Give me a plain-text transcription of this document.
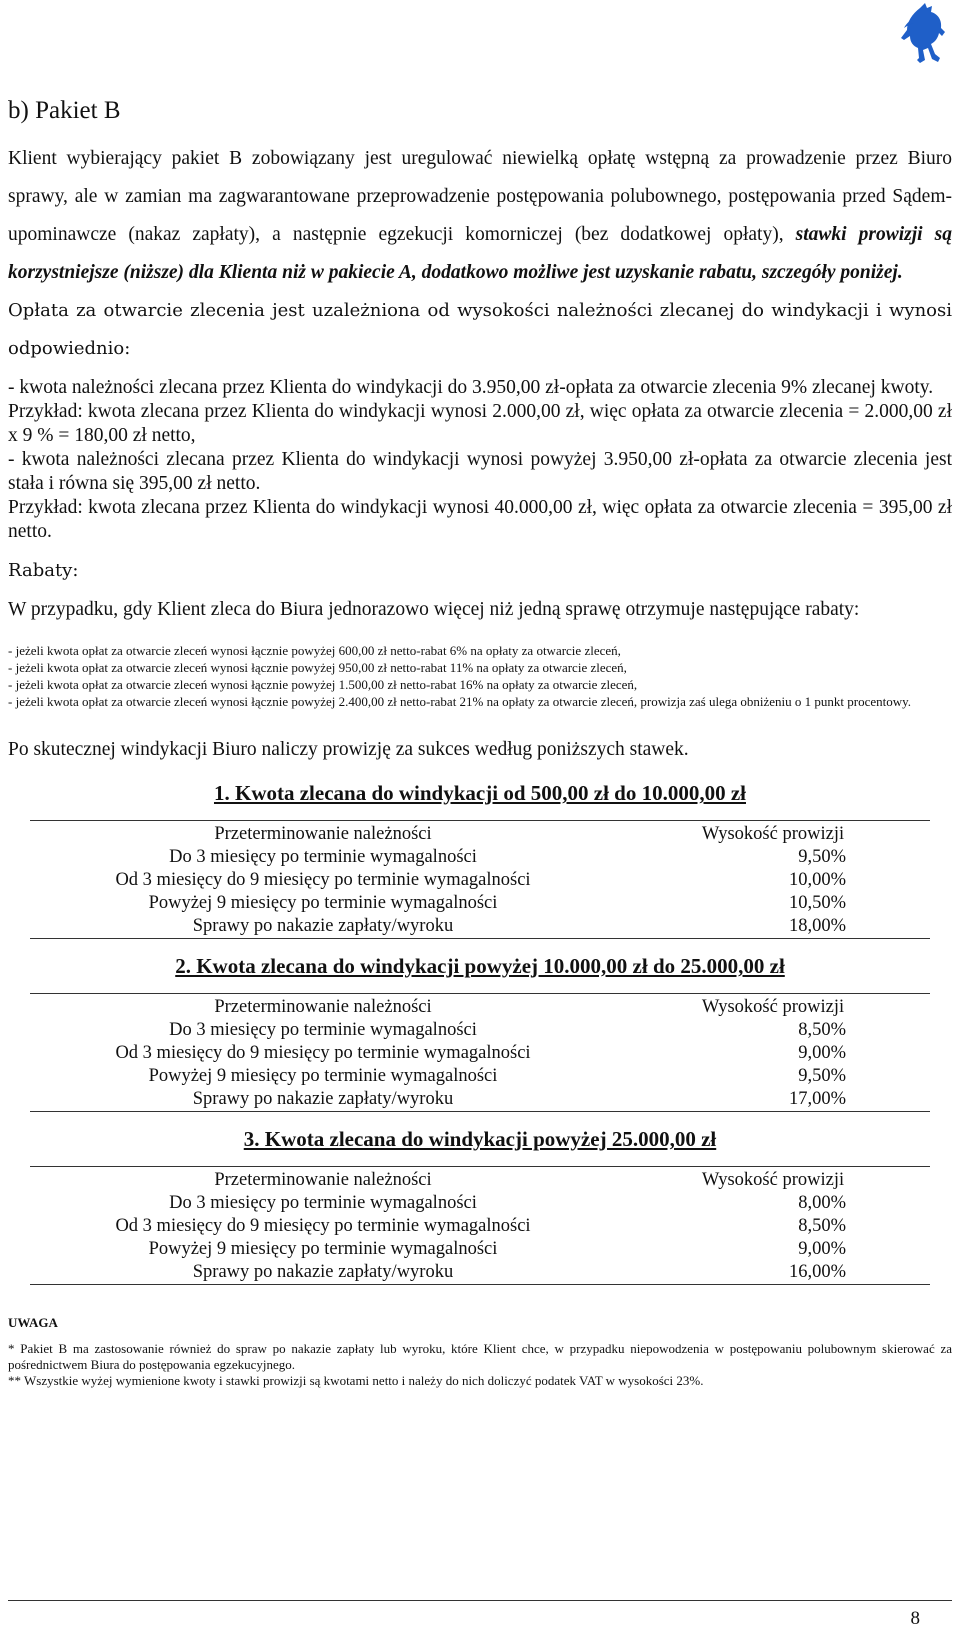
b) Pakiet B

Klient wybierający pakiet B zobowiązany jest uregulować niewielką opłatę wstępną za prowadzenie przez Biuro sprawy, ale w zamian ma zagwarantowane przeprowadzenie postępowania polubownego, postępowania przed Sądem-upominawcze (nakaz zapłaty), a następnie egzekucji komorniczej (bez dodatkowej opłaty), stawki prowizji są korzystniejsze (niższe) dla Klienta niż w pakiecie A, dodatkowo możliwe jest uzyskanie rabatu, szczegóły poniżej.

Opłata za otwarcie zlecenia jest uzależniona od wysokości należności zlecanej do windykacji i wynosi odpowiednio:

- kwota należności zlecana przez Klienta do windykacji do 3.950,00 zł-opłata za otwarcie zlecenia 9% zlecanej kwoty.
Przykład: kwota zlecana przez Klienta do windykacji wynosi 2.000,00 zł, więc opłata za otwarcie zlecenia = 2.000,00 zł x 9 % = 180,00 zł netto,
- kwota należności zlecana przez Klienta do windykacji wynosi powyżej 3.950,00 zł-opłata za otwarcie zlecenia jest stała i równa się 395,00 zł netto.
Przykład: kwota zlecana przez Klienta do windykacji wynosi 40.000,00 zł, więc opłata za otwarcie zlecenia = 395,00 zł netto.
Rabaty:

W przypadku, gdy Klient zleca do Biura jednorazowo więcej niż jedną sprawę otrzymuje następujące rabaty:

- jeżeli kwota opłat za otwarcie zleceń wynosi łącznie powyżej 600,00 zł netto-rabat 6% na opłaty za otwarcie zleceń,
- jeżeli kwota opłat za otwarcie zleceń wynosi łącznie powyżej 950,00 zł netto-rabat 11% na opłaty za otwarcie zleceń,
- jeżeli kwota opłat za otwarcie zleceń wynosi łącznie powyżej 1.500,00 zł netto-rabat 16% na opłaty za otwarcie zleceń,
- jeżeli kwota opłat za otwarcie zleceń wynosi łącznie powyżej 2.400,00 zł netto-rabat 21% na opłaty za otwarcie zleceń, prowizja zaś ulega obniżeniu o 1 punkt procentowy.

Po skutecznej windykacji Biuro naliczy prowizję za sukces według poniższych stawek.

1. Kwota zlecana do windykacji od 500,00 zł do 10.000,00 zł

Przeterminowanie należności	Wysokość prowizji
Do 3 miesięcy po terminie wymagalności	9,50%
Od 3 miesięcy do 9 miesięcy po terminie wymagalności	10,00%
Powyżej 9 miesięcy po terminie wymagalności	10,50%
Sprawy po nakazie zapłaty/wyroku	18,00%

2. Kwota zlecana do windykacji powyżej 10.000,00 zł do 25.000,00 zł

Przeterminowanie należności	Wysokość prowizji
Do 3 miesięcy po terminie wymagalności	8,50%
Od 3 miesięcy do 9 miesięcy po terminie wymagalności	9,00%
Powyżej 9 miesięcy po terminie wymagalności	9,50%
Sprawy po nakazie zapłaty/wyroku	17,00%

3. Kwota zlecana do windykacji powyżej 25.000,00 zł

Przeterminowanie należności	Wysokość prowizji
Do 3 miesięcy po terminie wymagalności	8,00%
Od 3 miesięcy do 9 miesięcy po terminie wymagalności	8,50%
Powyżej 9 miesięcy po terminie wymagalności	9,00%
Sprawy po nakazie zapłaty/wyroku	16,00%
UWAGA
* Pakiet B ma zastosowanie również do spraw po nakazie zapłaty lub wyroku, które Klient chce, w przypadku niepowodzenia w postępowaniu polubownym skierować za pośrednictwem Biura do postępowania egzekucyjnego.
** Wszystkie wyżej wymienione kwoty i stawki prowizji są kwotami netto i należy do nich doliczyć podatek VAT w wysokości 23%.
8
